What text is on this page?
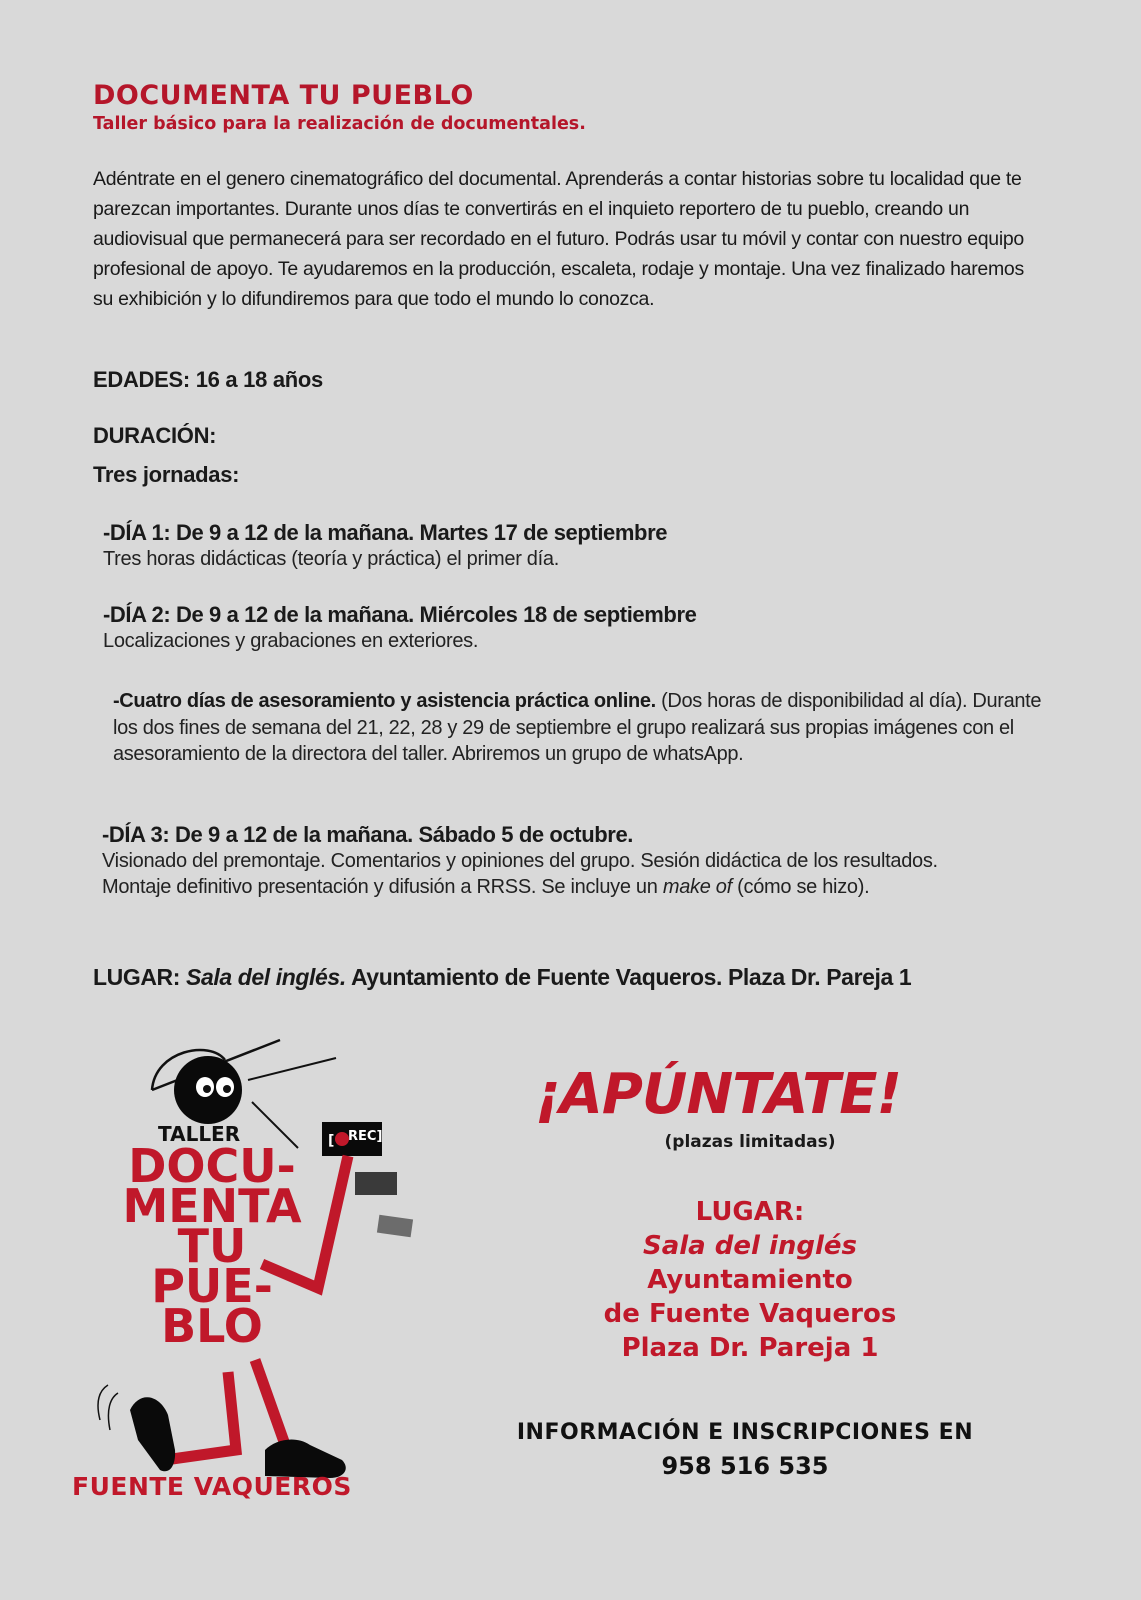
DOCUMENTA TU PUEBLO
Taller básico para la realización de documentales.
Adéntrate en el genero cinematográfico del documental. Aprenderás a contar historias sobre tu localidad que te parezcan importantes. Durante unos días te convertirás en el inquieto reportero de tu pueblo, creando un audiovisual que permanecerá para ser recordado en el futuro. Podrás usar tu móvil y contar con nuestro equipo profesional de apoyo. Te ayudaremos en la producción, escaleta, rodaje y montaje. Una vez finalizado haremos su exhibición y lo difundiremos para que todo el mundo lo conozca.
EDADES: 16 a 18 años
DURACIÓN:
Tres jornadas:
-DÍA 1: De 9 a 12 de la mañana. Martes 17 de septiembre
Tres horas didácticas (teoría y práctica) el primer día.
-DÍA 2: De 9 a 12 de la mañana. Miércoles 18 de septiembre
Localizaciones y grabaciones en exteriores.
-Cuatro días de asesoramiento y asistencia práctica online. (Dos horas de disponibilidad al día). Durante los dos fines de semana del 21, 22, 28 y 29 de septiembre el grupo realizará sus propias imágenes con el asesoramiento de la directora del taller. Abriremos un grupo de whatsApp.
-DÍA 3: De 9 a 12 de la mañana. Sábado 5 de octubre.
Visionado del premontaje. Comentarios y opiniones del grupo. Sesión didáctica de los resultados.
Montaje definitivo presentación y difusión a RRSS. Se incluye un make of (cómo se hizo).
LUGAR: Sala del inglés. Ayuntamiento de Fuente Vaqueros. Plaza Dr. Pareja 1
[
TALLER	REC]
DOCU-
MENTA
TU
PUE-
BLO
FUENTE VAQUEROS
¡APÚNTATE!
(plazas limitadas)
LUGAR:
Sala del inglés
Ayuntamiento
de Fuente Vaqueros
Plaza Dr. Pareja 1
INFORMACIÓN E INSCRIPCIONES EN
958 516 535
